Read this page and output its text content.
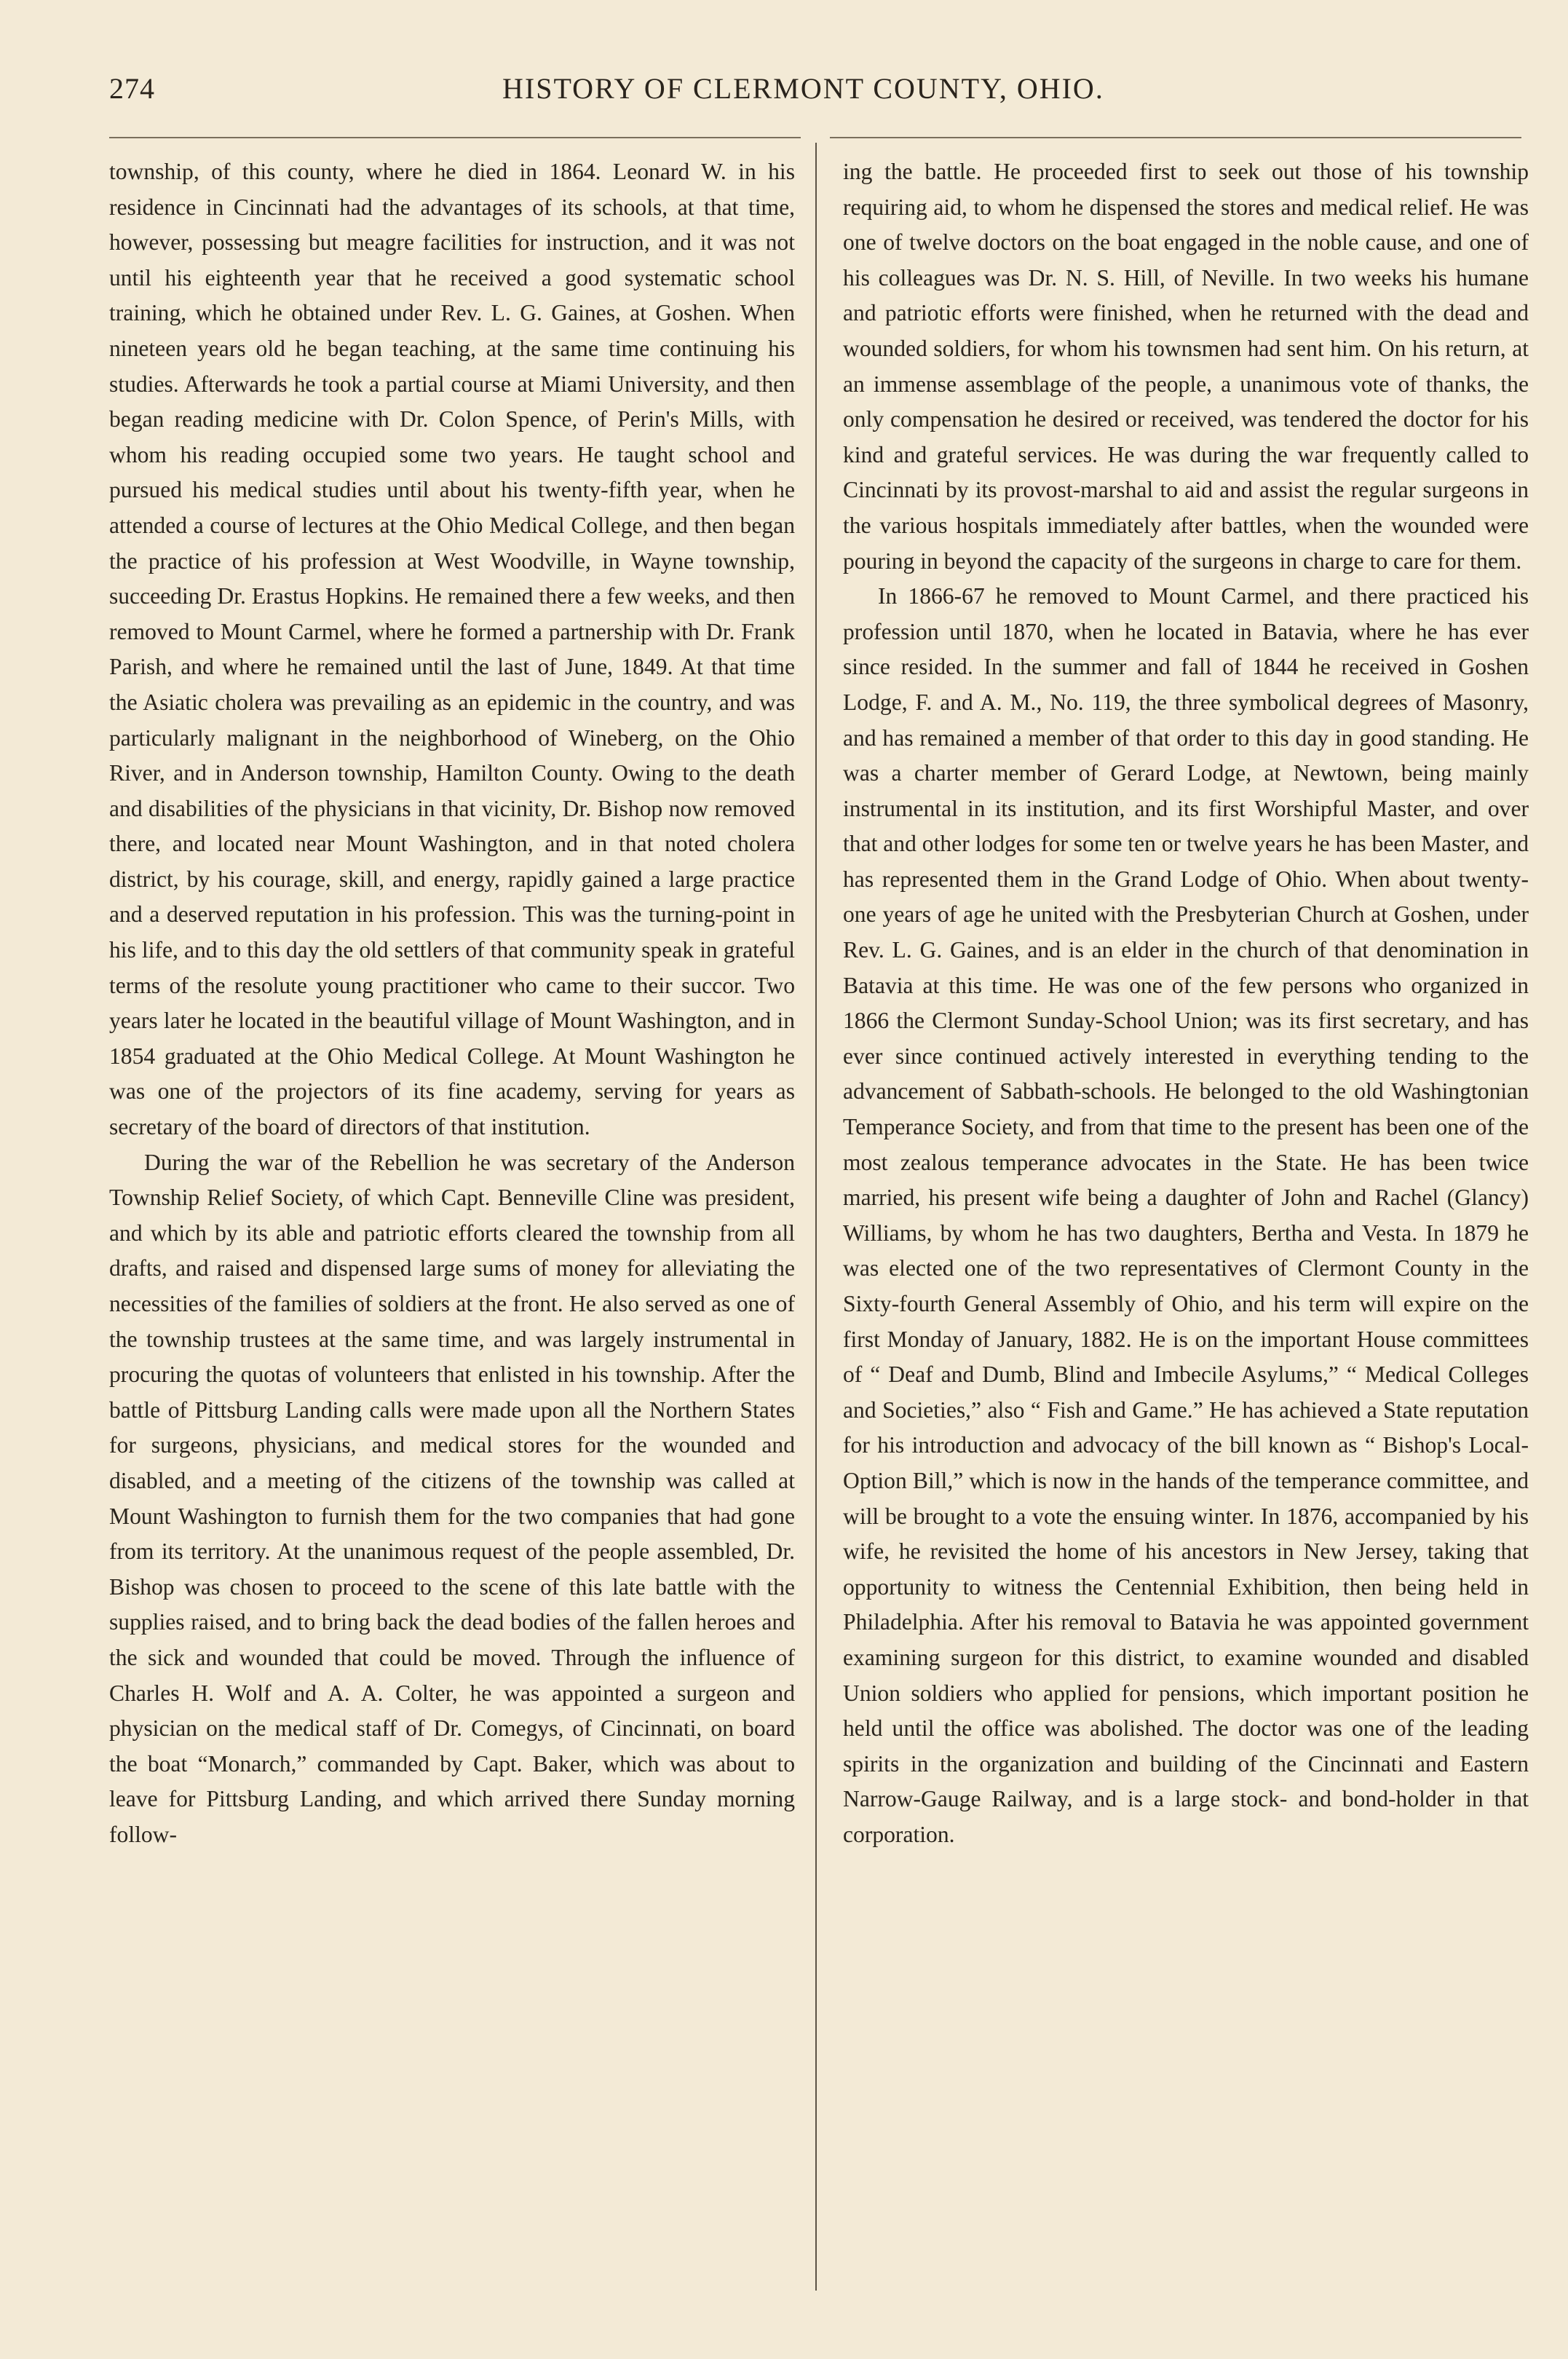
274	HISTORY OF CLERMONT COUNTY, OHIO.

township, of this county, where he died in 1864. Leonard W. in his residence in Cincinnati had the advantages of its schools, at that time, however, possessing but meagre facilities for instruction, and it was not until his eighteenth year that he received a good systematic school training, which he obtained under Rev. L. G. Gaines, at Goshen. When nineteen years old he began teaching, at the same time continuing his studies. Afterwards he took a partial course at Miami University, and then began reading medicine with Dr. Colon Spence, of Perin's Mills, with whom his reading occupied some two years. He taught school and pursued his medical studies until about his twenty-fifth year, when he attended a course of lectures at the Ohio Medical College, and then began the practice of his profession at West Woodville, in Wayne township, succeeding Dr. Erastus Hopkins. He remained there a few weeks, and then removed to Mount Carmel, where he formed a partnership with Dr. Frank Parish, and where he remained until the last of June, 1849. At that time the Asiatic cholera was prevailing as an epidemic in the country, and was particularly malignant in the neighborhood of Wineberg, on the Ohio River, and in Anderson township, Hamilton County. Owing to the death and disabilities of the physicians in that vicinity, Dr. Bishop now removed there, and located near Mount Washington, and in that noted cholera district, by his courage, skill, and energy, rapidly gained a large practice and a deserved reputation in his profession. This was the turning-point in his life, and to this day the old settlers of that community speak in grateful terms of the resolute young practitioner who came to their succor. Two years later he located in the beautiful village of Mount Washington, and in 1854 graduated at the Ohio Medical College. At Mount Washington he was one of the projectors of its fine academy, serving for years as secretary of the board of directors of that institution.

During the war of the Rebellion he was secretary of the Anderson Township Relief Society, of which Capt. Benneville Cline was president, and which by its able and patriotic efforts cleared the township from all drafts, and raised and dispensed large sums of money for alleviating the necessities of the families of soldiers at the front. He also served as one of the township trustees at the same time, and was largely instrumental in procuring the quotas of volunteers that enlisted in his township. After the battle of Pittsburg Landing calls were made upon all the Northern States for surgeons, physicians, and medical stores for the wounded and disabled, and a meeting of the citizens of the township was called at Mount Washington to furnish them for the two companies that had gone from its territory. At the unanimous request of the people assembled, Dr. Bishop was chosen to proceed to the scene of this late battle with the supplies raised, and to bring back the dead bodies of the fallen heroes and the sick and wounded that could be moved. Through the influence of Charles H. Wolf and A. A. Colter, he was appointed a surgeon and physician on the medical staff of Dr. Comegys, of Cincinnati, on board the boat “Monarch,” commanded by Capt. Baker, which was about to leave for Pittsburg Landing, and which arrived there Sunday morning follow-

ing the battle. He proceeded first to seek out those of his township requiring aid, to whom he dispensed the stores and medical relief. He was one of twelve doctors on the boat engaged in the noble cause, and one of his colleagues was Dr. N. S. Hill, of Neville. In two weeks his humane and patriotic efforts were finished, when he returned with the dead and wounded soldiers, for whom his townsmen had sent him. On his return, at an immense assemblage of the people, a unanimous vote of thanks, the only compensation he desired or received, was tendered the doctor for his kind and grateful services. He was during the war frequently called to Cincinnati by its provost-marshal to aid and assist the regular surgeons in the various hospitals immediately after battles, when the wounded were pouring in beyond the capacity of the surgeons in charge to care for them.

In 1866-67 he removed to Mount Carmel, and there practiced his profession until 1870, when he located in Batavia, where he has ever since resided. In the summer and fall of 1844 he received in Goshen Lodge, F. and A. M., No. 119, the three symbolical degrees of Masonry, and has remained a member of that order to this day in good standing. He was a charter member of Gerard Lodge, at Newtown, being mainly instrumental in its institution, and its first Worshipful Master, and over that and other lodges for some ten or twelve years he has been Master, and has represented them in the Grand Lodge of Ohio. When about twenty-one years of age he united with the Presbyterian Church at Goshen, under Rev. L. G. Gaines, and is an elder in the church of that denomination in Batavia at this time. He was one of the few persons who organized in 1866 the Clermont Sunday-School Union; was its first secretary, and has ever since continued actively interested in everything tending to the advancement of Sabbath-schools. He belonged to the old Washingtonian Temperance Society, and from that time to the present has been one of the most zealous temperance advocates in the State. He has been twice married, his present wife being a daughter of John and Rachel (Glancy) Williams, by whom he has two daughters, Bertha and Vesta. In 1879 he was elected one of the two representatives of Clermont County in the Sixty-fourth General Assembly of Ohio, and his term will expire on the first Monday of January, 1882. He is on the important House committees of “ Deaf and Dumb, Blind and Imbecile Asylums,” “ Medical Colleges and Societies,” also “ Fish and Game.” He has achieved a State reputation for his introduction and advocacy of the bill known as “ Bishop's Local-Option Bill,” which is now in the hands of the temperance committee, and will be brought to a vote the ensuing winter. In 1876, accompanied by his wife, he revisited the home of his ancestors in New Jersey, taking that opportunity to witness the Centennial Exhibition, then being held in Philadelphia. After his removal to Batavia he was appointed government examining surgeon for this district, to examine wounded and disabled Union soldiers who applied for pensions, which important position he held until the office was abolished. The doctor was one of the leading spirits in the organization and building of the Cincinnati and Eastern Narrow-Gauge Railway, and is a large stock- and bond-holder in that corporation.
